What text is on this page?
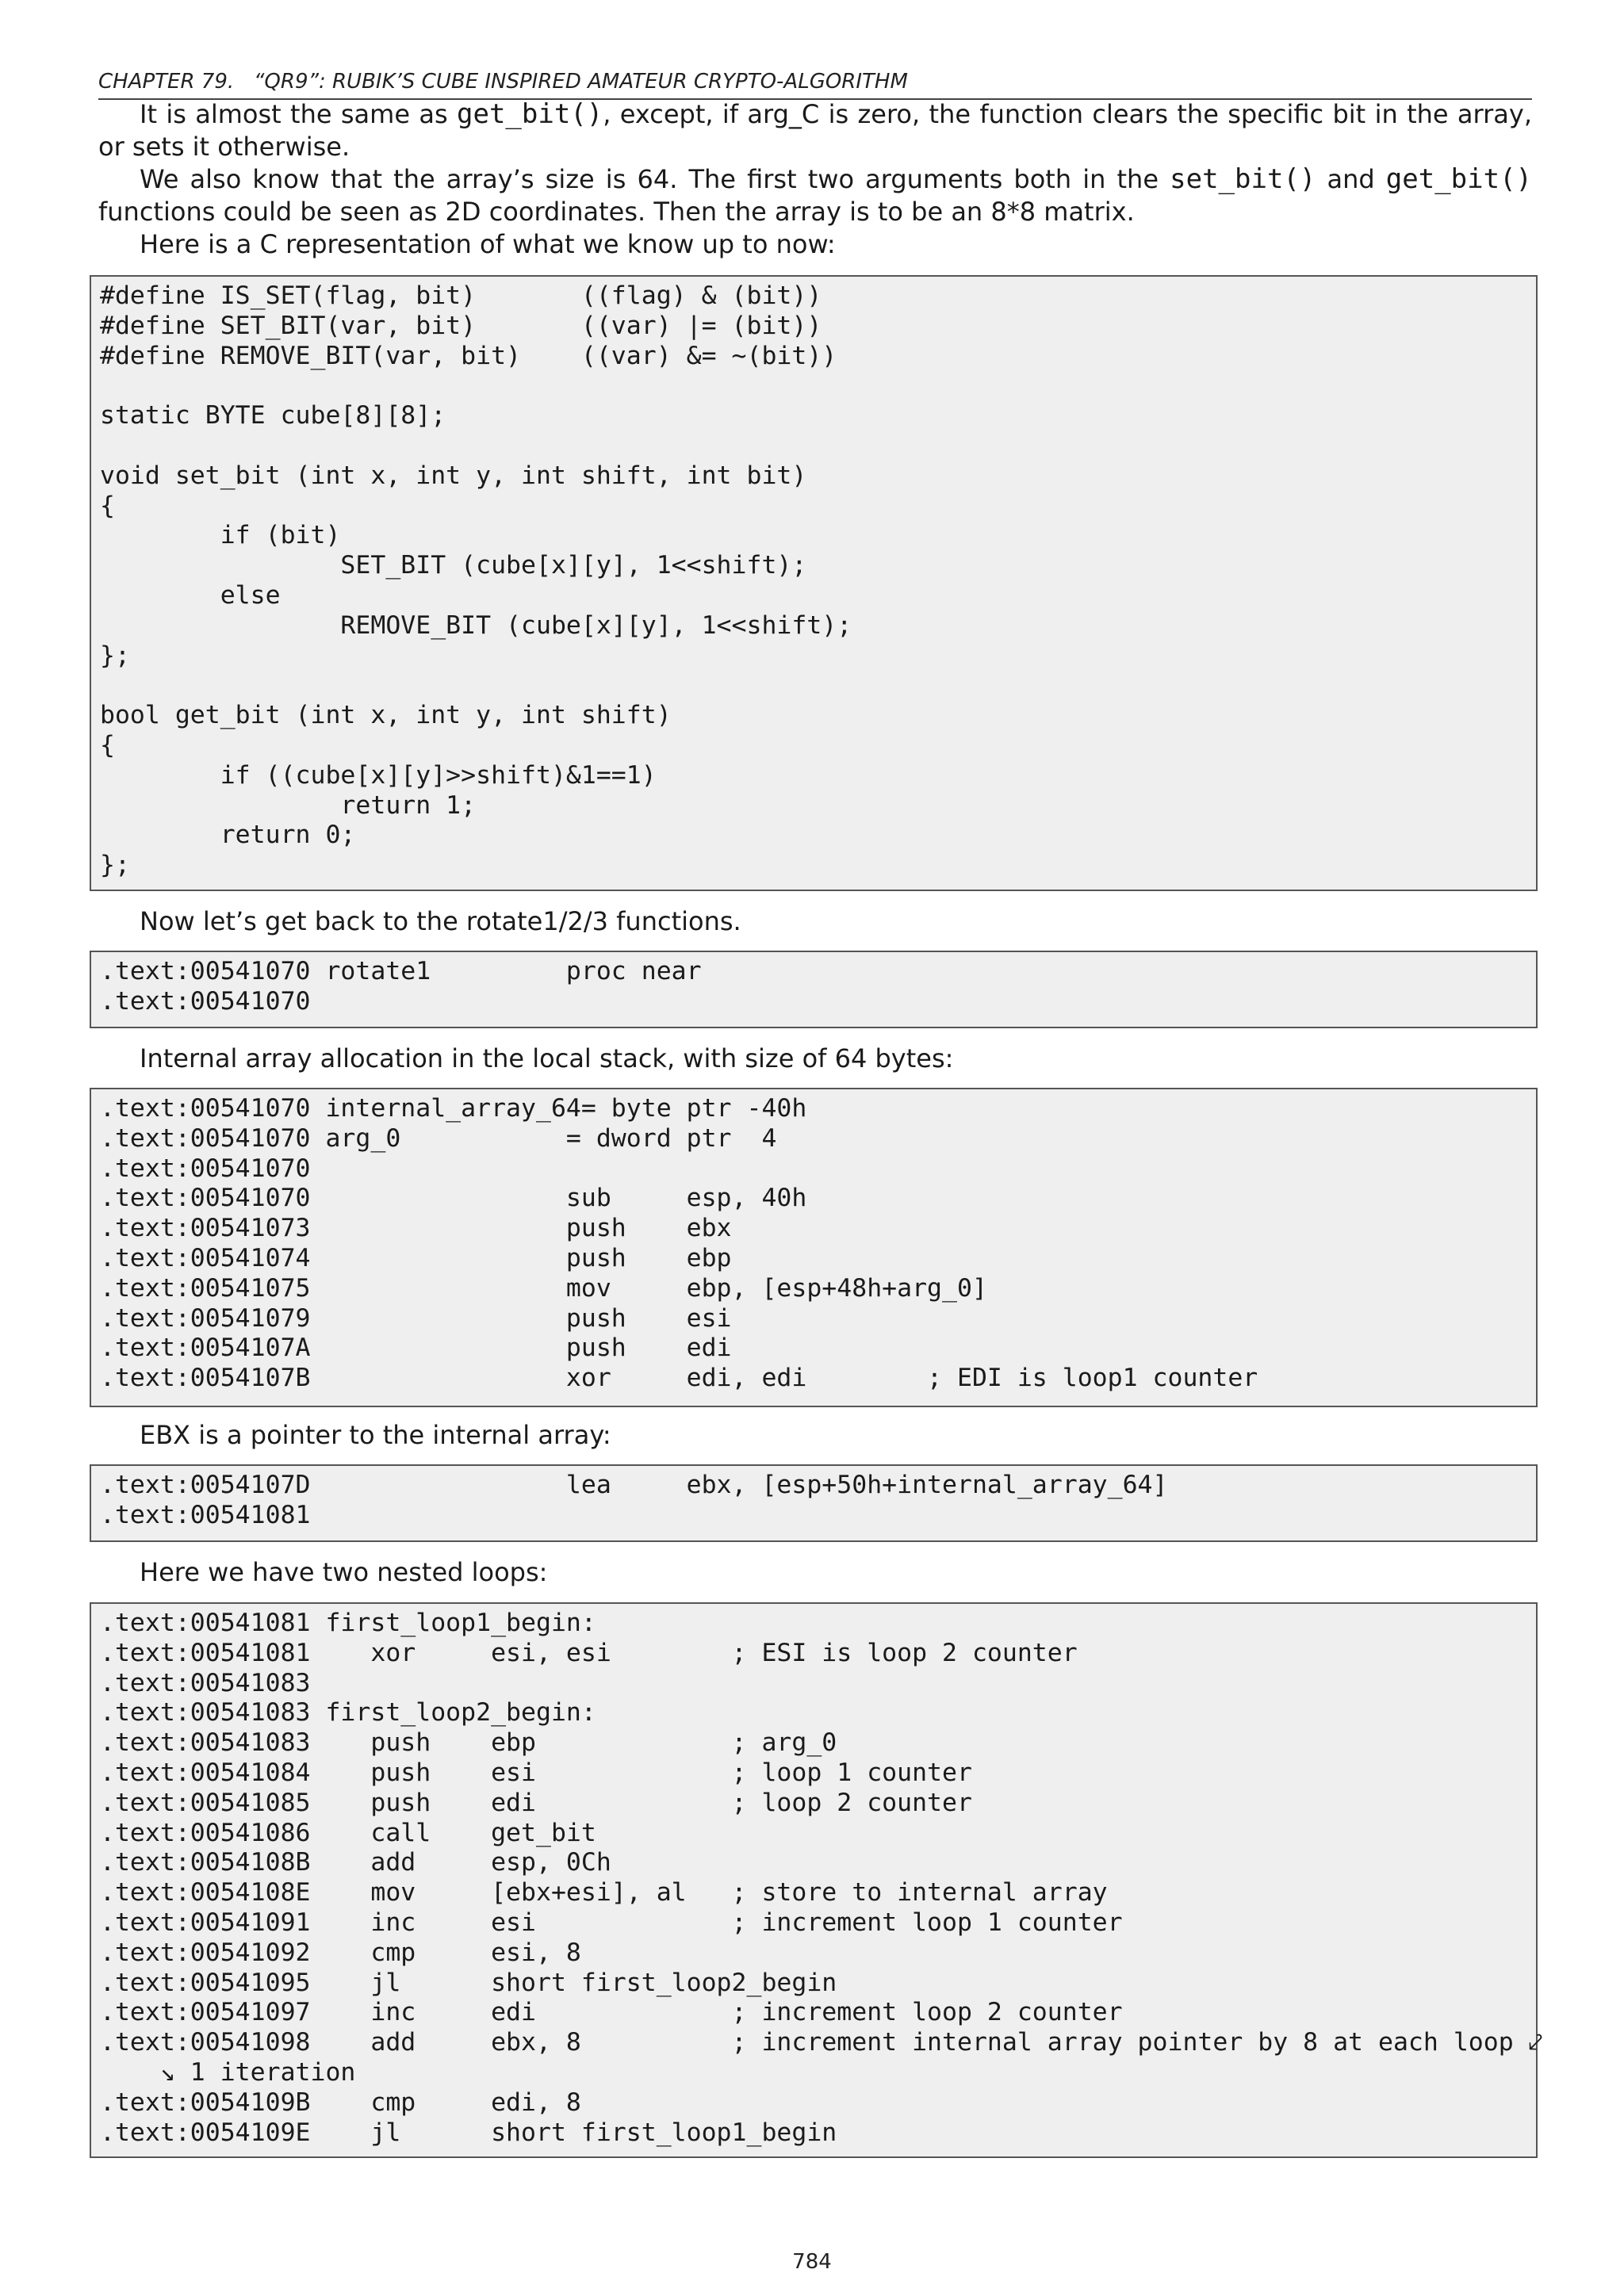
CHAPTER 79.   “QR9”: RUBIK’S CUBE INSPIRED AMATEUR CRYPTO-ALGORITHM
It is almost the same as get_bit(), except, if arg_C is zero, the function clears the specific bit in the array, or sets it otherwise.
We also know that the array’s size is 64. The first two arguments both in the set_bit() and get_bit() functions could be seen as 2D coordinates. Then the array is to be an 8*8 matrix.
Here is a C representation of what we know up to now:
#define IS_SET(flag, bit)       ((flag) & (bit))
#define SET_BIT(var, bit)       ((var) |= (bit))
#define REMOVE_BIT(var, bit)    ((var) &= ~(bit))

static BYTE cube[8][8];

void set_bit (int x, int y, int shift, int bit)
{
if (bit)
SET_BIT (cube[x][y], 1<<shift);
else
REMOVE_BIT (cube[x][y], 1<<shift);
};

bool get_bit (int x, int y, int shift)
{
if ((cube[x][y]>>shift)&1==1)
return 1;
return 0;
};
Now let’s get back to the rotate1/2/3 functions.
.text:00541070 rotate1         proc near
.text:00541070
Internal array allocation in the local stack, with size of 64 bytes:
.text:00541070 internal_array_64= byte ptr -40h
.text:00541070 arg_0           = dword ptr  4
.text:00541070
.text:00541070                 sub     esp, 40h
.text:00541073                 push    ebx
.text:00541074                 push    ebp
.text:00541075                 mov     ebp, [esp+48h+arg_0]
.text:00541079                 push    esi
.text:0054107A                 push    edi
.text:0054107B                 xor     edi, edi        ; EDI is loop1 counter
EBX is a pointer to the internal array:
.text:0054107D                 lea     ebx, [esp+50h+internal_array_64]
.text:00541081
Here we have two nested loops:
.text:00541081 first_loop1_begin:
.text:00541081    xor     esi, esi        ; ESI is loop 2 counter
.text:00541083
.text:00541083 first_loop2_begin:
.text:00541083    push    ebp             ; arg_0
.text:00541084    push    esi             ; loop 1 counter
.text:00541085    push    edi             ; loop 2 counter
.text:00541086    call    get_bit
.text:0054108B    add     esp, 0Ch
.text:0054108E    mov     [ebx+esi], al   ; store to internal array
.text:00541091    inc     esi             ; increment loop 1 counter
.text:00541092    cmp     esi, 8
.text:00541095    jl      short first_loop2_begin
.text:00541097    inc     edi             ; increment loop 2 counter
.text:00541098    add     ebx, 8          ; increment internal array pointer by 8 at each loop ⤦
↘ 1 iteration
.text:0054109B    cmp     edi, 8
.text:0054109E    jl      short first_loop1_begin
784
